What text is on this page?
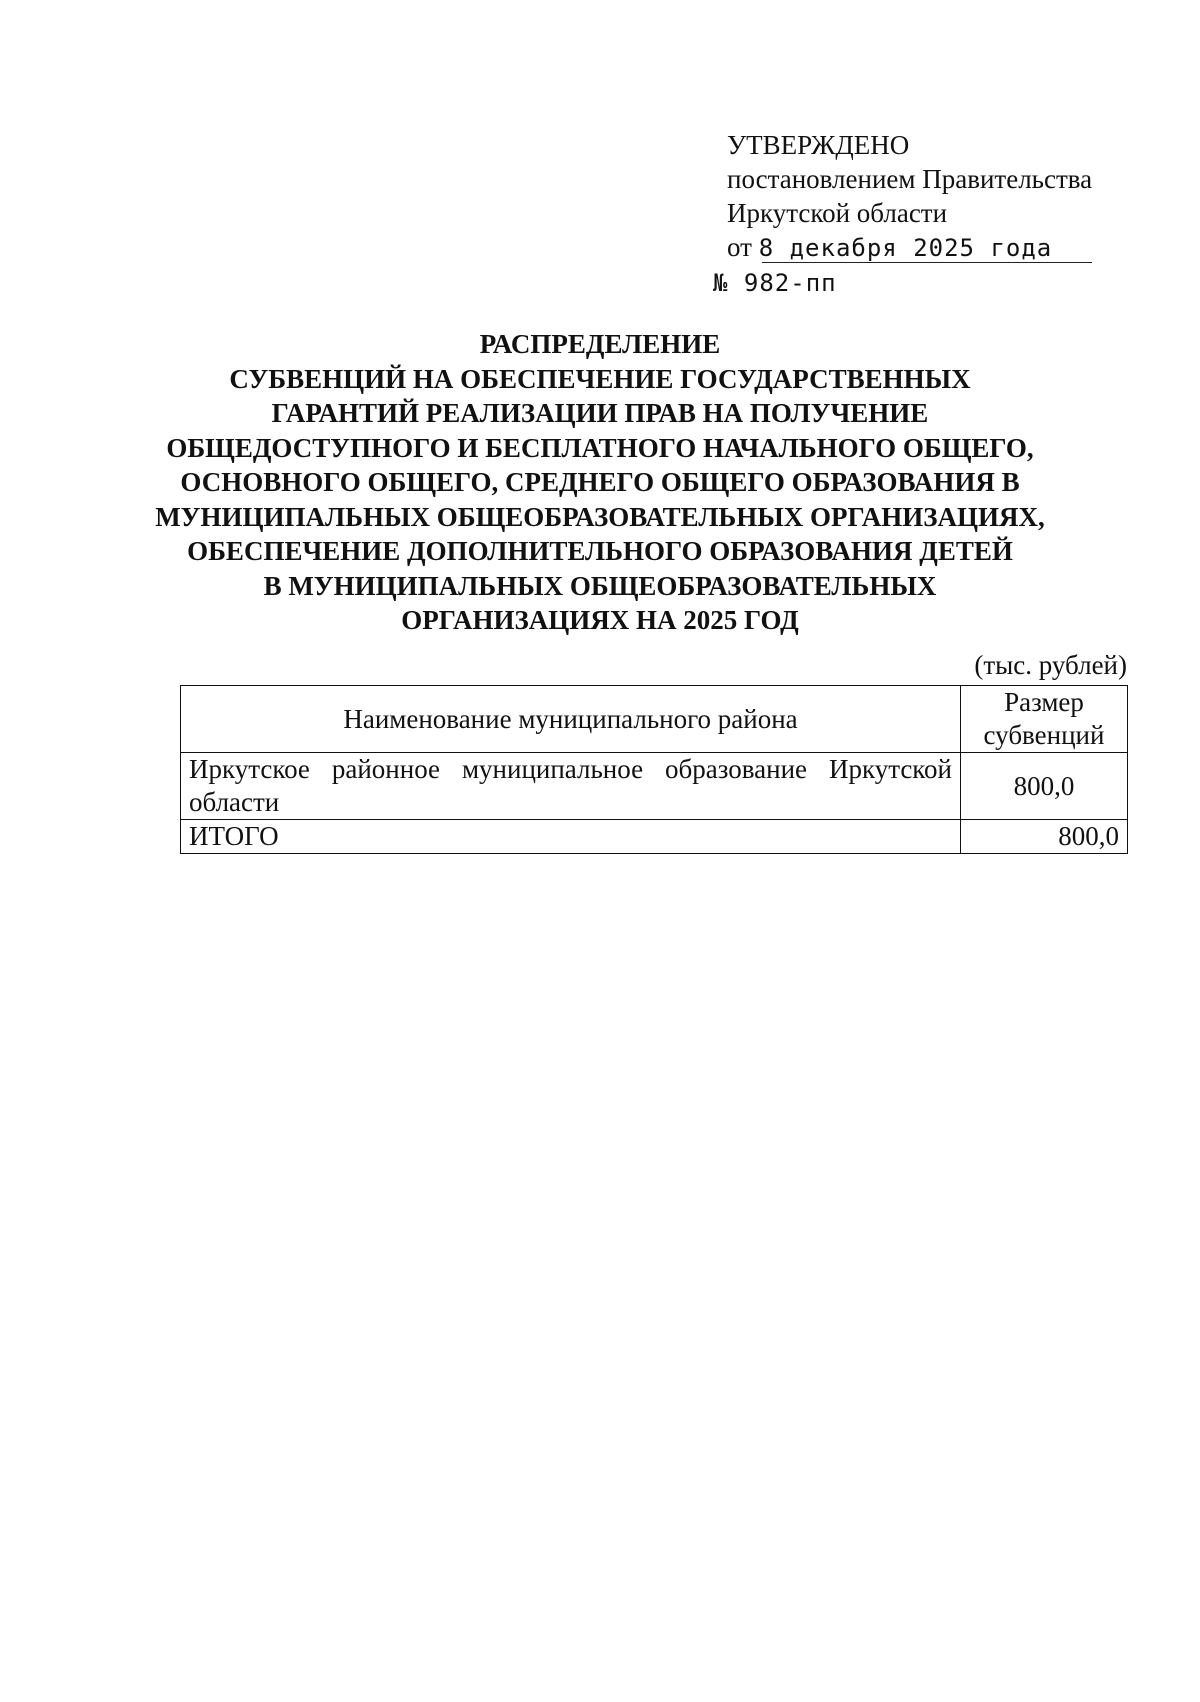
УТВЕРЖДЕНО
постановлением Правительства
Иркутской области
от 8 декабря 2025 года
№ 982-пп
РАСПРЕДЕЛЕНИЕ
СУБВЕНЦИЙ НА ОБЕСПЕЧЕНИЕ ГОСУДАРСТВЕННЫХ
ГАРАНТИЙ РЕАЛИЗАЦИИ ПРАВ НА ПОЛУЧЕНИЕ
ОБЩЕДОСТУПНОГО И БЕСПЛАТНОГО НАЧАЛЬНОГО ОБЩЕГО,
ОСНОВНОГО ОБЩЕГО, СРЕДНЕГО ОБЩЕГО ОБРАЗОВАНИЯ В
МУНИЦИПАЛЬНЫХ ОБЩЕОБРАЗОВАТЕЛЬНЫХ ОРГАНИЗАЦИЯХ,
ОБЕСПЕЧЕНИЕ ДОПОЛНИТЕЛЬНОГО ОБРАЗОВАНИЯ ДЕТЕЙ
В МУНИЦИПАЛЬНЫХ ОБЩЕОБРАЗОВАТЕЛЬНЫХ
ОРГАНИЗАЦИЯХ НА 2025 ГОД
(тыс. рублей)
Наименование муниципального района	Размер
субвенций

Иркутское районное муниципальное образование Иркутской области	800,0
ИТОГО	800,0
